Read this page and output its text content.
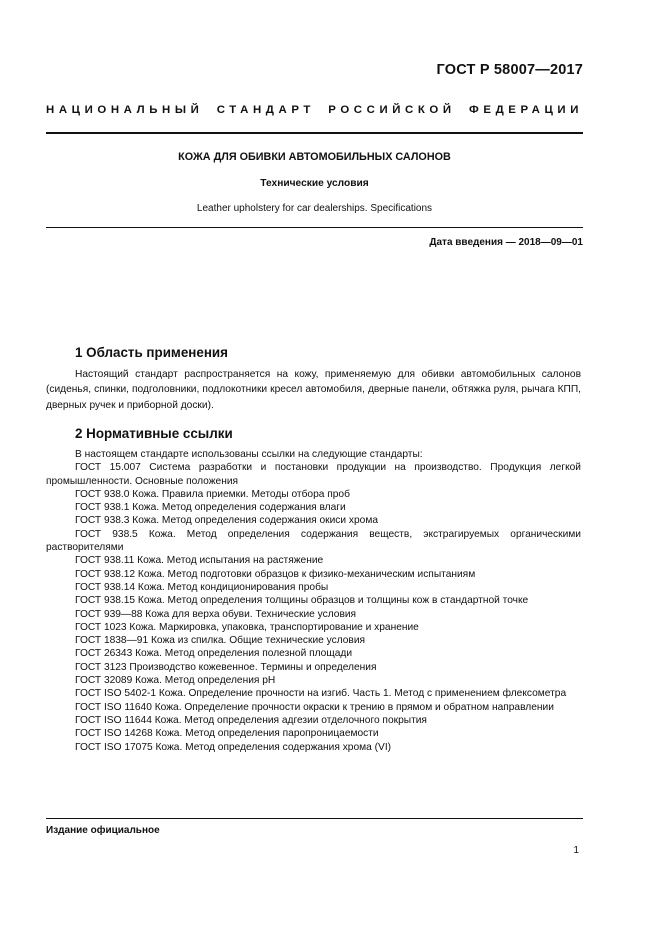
ГОСТ Р 58007—2017
НАЦИОНАЛЬНЫЙ СТАНДАРТ РОССИЙСКОЙ ФЕДЕРАЦИИ
КОЖА ДЛЯ ОБИВКИ АВТОМОБИЛЬНЫХ САЛОНОВ
Технические условия
Leather upholstery for car dealerships. Specifications
Дата введения — 2018—09—01
1 Область применения
Настоящий стандарт распространяется на кожу, применяемую для обивки автомобильных салонов (сиденья, спинки, подголовники, подлокотники кресел автомобиля, дверные панели, обтяжка руля, рычага КПП, дверных ручек и приборной доски).
2 Нормативные ссылки

В настоящем стандарте использованы ссылки на следующие стандарты:

ГОСТ 15.007 Система разработки и постановки продукции на производство. Продукция легкой промышленности. Основные положения

ГОСТ 938.0 Кожа. Правила приемки. Методы отбора проб

ГОСТ 938.1 Кожа. Метод определения содержания влаги

ГОСТ 938.3 Кожа. Метод определения содержания окиси хрома

ГОСТ 938.5 Кожа. Метод определения содержания веществ, экстрагируемых органическими растворителями

ГОСТ 938.11 Кожа. Метод испытания на растяжение

ГОСТ 938.12 Кожа. Метод подготовки образцов к физико-механическим испытаниям

ГОСТ 938.14 Кожа. Метод кондиционирования пробы

ГОСТ 938.15 Кожа. Метод определения толщины образцов и толщины кож в стандартной точке

ГОСТ 939—88 Кожа для верха обуви. Технические условия

ГОСТ 1023 Кожа. Маркировка, упаковка, транспортирование и хранение

ГОСТ 1838—91 Кожа из спилка. Общие технические условия

ГОСТ 26343 Кожа. Метод определения полезной площади

ГОСТ 3123 Производство кожевенное. Термины и определения

ГОСТ 32089 Кожа. Метод определения pH

ГОСТ ISO 5402-1 Кожа. Определение прочности на изгиб. Часть 1. Метод с применением флексометра

ГОСТ ISO 11640 Кожа. Определение прочности окраски к трению в прямом и обратном направлении

ГОСТ ISO 11644 Кожа. Метод определения адгезии отделочного покрытия

ГОСТ ISO 14268 Кожа. Метод определения паропроницаемости

ГОСТ ISO 17075 Кожа. Метод определения содержания хрома (VI)

Издание официальное
1
